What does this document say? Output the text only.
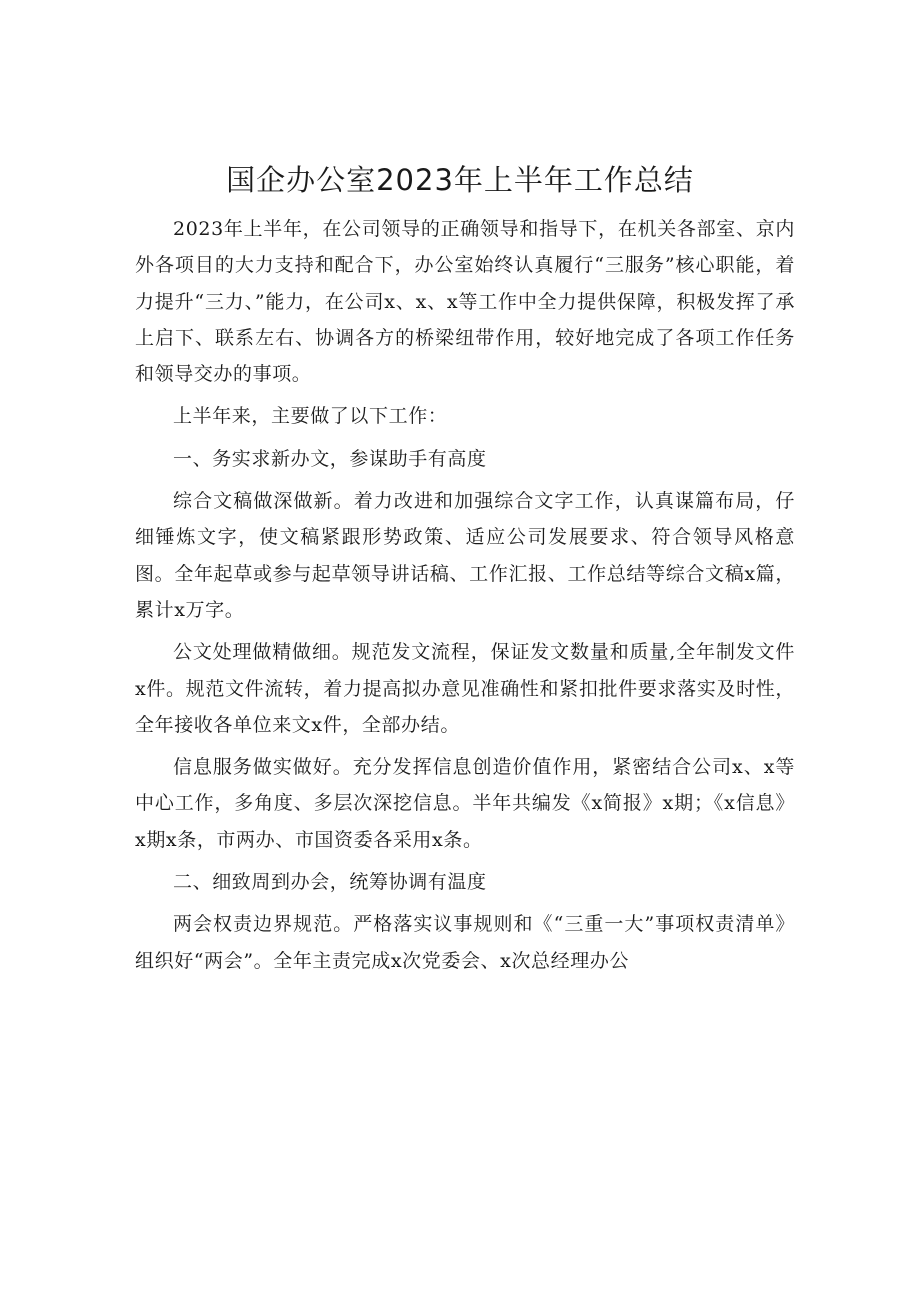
国企办公室2023年上半年工作总结

2023年上半年，在公司领导的正确领导和指导下，在机关各部室、京内外各项目的大力支持和配合下，办公室始终认真履行“三服务”核心职能，着力提升“三力、”能力，在公司x、x、x等工作中全力提供保障，积极发挥了承上启下、联系左右、协调各方的桥梁纽带作用，较好地完成了各项工作任务和领导交办的事项。

上半年来，主要做了以下工作：

一、务实求新办文，参谋助手有高度

综合文稿做深做新。着力改进和加强综合文字工作，认真谋篇布局，仔细锤炼文字，使文稿紧跟形势政策、适应公司发展要求、符合领导风格意图。全年起草或参与起草领导讲话稿、工作汇报、工作总结等综合文稿x篇，累计x万字。

公文处理做精做细。规范发文流程，保证发文数量和质量,全年制发文件x件。规范文件流转，着力提高拟办意见准确性和紧扣批件要求落实及时性，全年接收各单位来文x件，全部办结。

信息服务做实做好。充分发挥信息创造价值作用，紧密结合公司x、x等中心工作，多角度、多层次深挖信息。半年共编发《x简报》x期；《x信息》x期x条，市两办、市国资委各采用x条。

二、细致周到办会，统筹协调有温度

两会权责边界规范。严格落实议事规则和《“三重一大”事项权责清单》组织好“两会”。全年主责完成x次党委会、x次总经理办公
